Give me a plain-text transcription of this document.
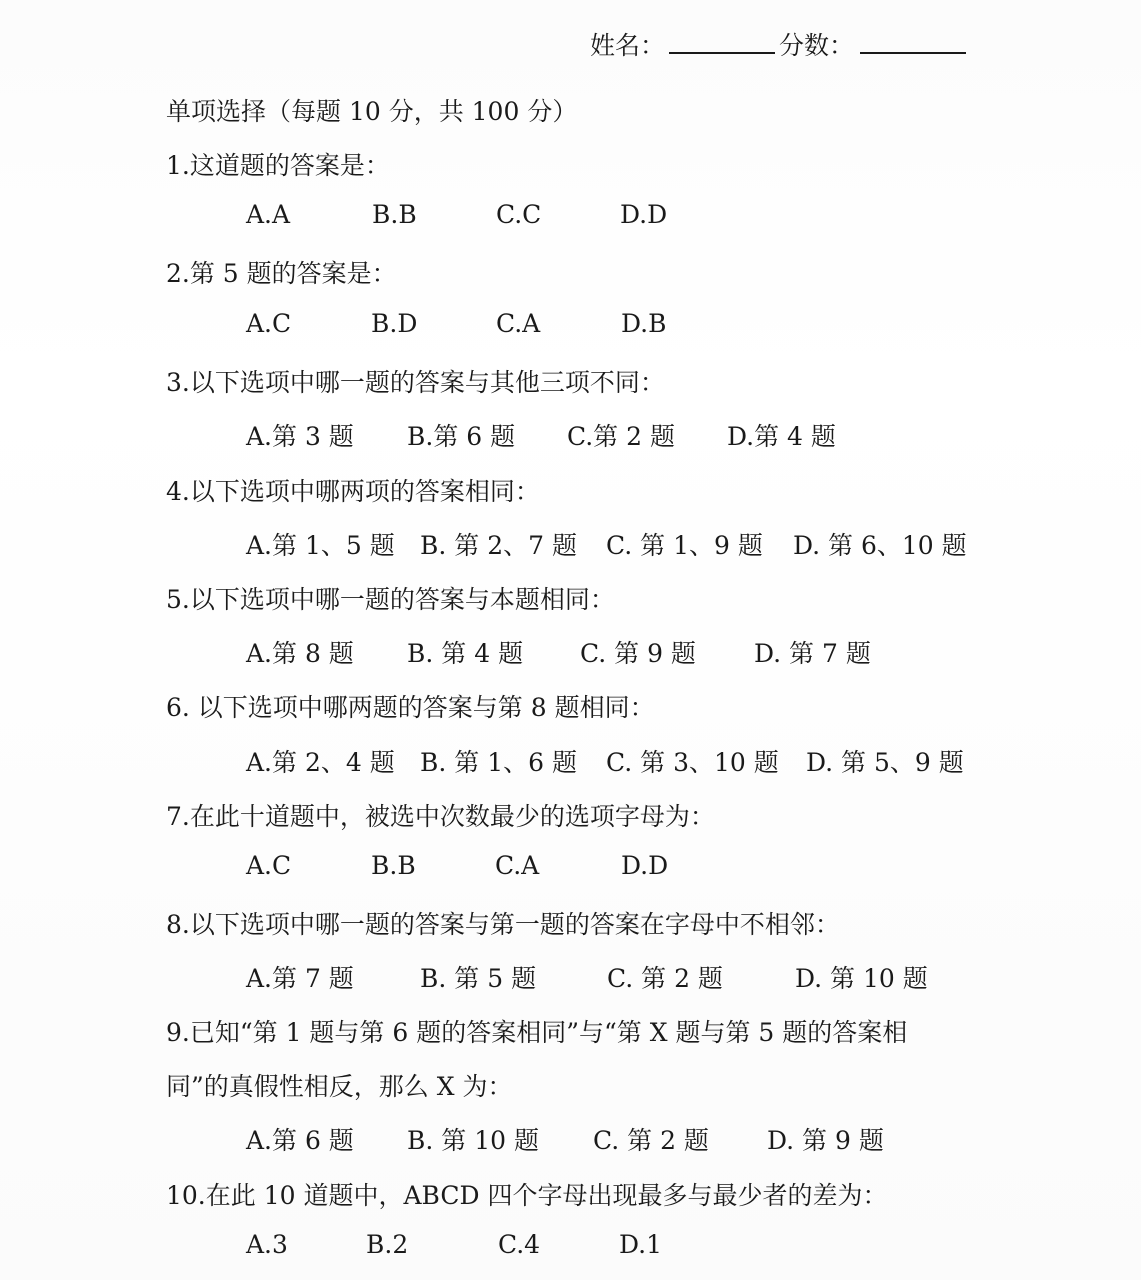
姓名：	分数：
单项选择（每题 10 分，共 100 分）
1.这道题的答案是：
A.A	B.B	C.C	D.D
2.第 5 题的答案是：
A.C	B.D	C.A	D.B
3.以下选项中哪一题的答案与其他三项不同：
A.第 3 题	B.第 6 题	C.第 2 题	D.第 4 题
4.以下选项中哪两项的答案相同：
A.第 1、5 题	B. 第 2、7 题	C. 第 1、9 题	D. 第 6、10 题
5.以下选项中哪一题的答案与本题相同：
A.第 8 题	B. 第 4 题	C. 第 9 题	D. 第 7 题
6. 以下选项中哪两题的答案与第 8 题相同：
A.第 2、4 题	B. 第 1、6 题	C. 第 3、10 题	D. 第 5、9 题
7.在此十道题中，被选中次数最少的选项字母为：
A.C	B.B	C.A	D.D
8.以下选项中哪一题的答案与第一题的答案在字母中不相邻：
A.第 7 题	B. 第 5 题	C. 第 2 题	D. 第 10 题
9.已知“第 1 题与第 6 题的答案相同”与“第 X 题与第 5 题的答案相
同”的真假性相反，那么 X 为：
A.第 6 题	B. 第 10 题	C. 第 2 题	D. 第 9 题
10.在此 10 道题中，ABCD 四个字母出现最多与最少者的差为：
A.3	B.2	C.4	D.1
